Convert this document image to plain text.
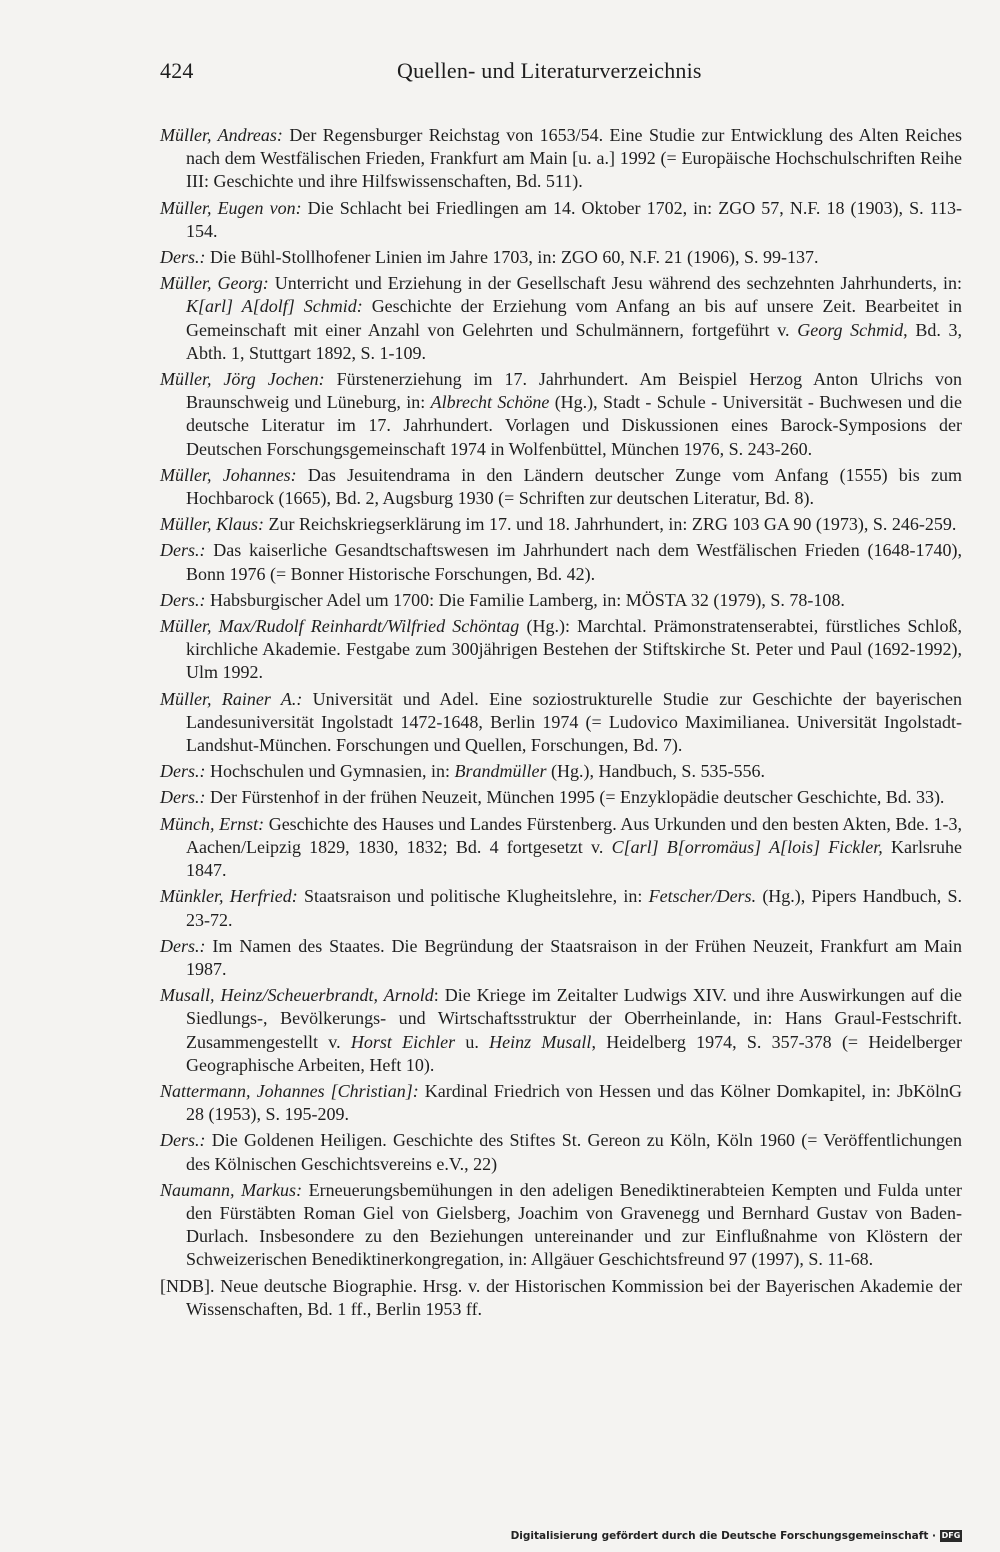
424	Quellen- und Literaturverzeichnis

Müller, Andreas: Der Regensburger Reichstag von 1653/54. Eine Studie zur Entwicklung des Alten Reiches nach dem Westfälischen Frieden, Frankfurt am Main [u. a.] 1992 (= Europäische Hochschulschriften Reihe III: Geschichte und ihre Hilfswissenschaften, Bd. 511).

Müller, Eugen von: Die Schlacht bei Friedlingen am 14. Oktober 1702, in: ZGO 57, N.F. 18 (1903), S. 113-154.

Ders.: Die Bühl-Stollhofener Linien im Jahre 1703, in: ZGO 60, N.F. 21 (1906), S. 99-137.

Müller, Georg: Unterricht und Erziehung in der Gesellschaft Jesu während des sechzehnten Jahrhunderts, in: K[arl] A[dolf] Schmid: Geschichte der Erziehung vom Anfang an bis auf unsere Zeit. Bearbeitet in Gemeinschaft mit einer Anzahl von Gelehrten und Schulmännern, fortgeführt v. Georg Schmid, Bd. 3, Abth. 1, Stuttgart 1892, S. 1-109.

Müller, Jörg Jochen: Fürstenerziehung im 17. Jahrhundert. Am Beispiel Herzog Anton Ulrichs von Braunschweig und Lüneburg, in: Albrecht Schöne (Hg.), Stadt - Schule - Universität - Buchwesen und die deutsche Literatur im 17. Jahrhundert. Vorlagen und Diskussionen eines Barock-Symposions der Deutschen Forschungsgemeinschaft 1974 in Wolfenbüttel, München 1976, S. 243-260.

Müller, Johannes: Das Jesuitendrama in den Ländern deutscher Zunge vom Anfang (1555) bis zum Hochbarock (1665), Bd. 2, Augsburg 1930 (= Schriften zur deutschen Literatur, Bd. 8).

Müller, Klaus: Zur Reichskriegserklärung im 17. und 18. Jahrhundert, in: ZRG 103 GA 90 (1973), S. 246-259.

Ders.: Das kaiserliche Gesandtschaftswesen im Jahrhundert nach dem Westfälischen Frieden (1648-1740), Bonn 1976 (= Bonner Historische Forschungen, Bd. 42).

Ders.: Habsburgischer Adel um 1700: Die Familie Lamberg, in: MÖSTA 32 (1979), S. 78-108.

Müller, Max/Rudolf Reinhardt/Wilfried Schöntag (Hg.): Marchtal. Prämonstratenserabtei, fürstliches Schloß, kirchliche Akademie. Festgabe zum 300jährigen Bestehen der Stiftskirche St. Peter und Paul (1692-1992), Ulm 1992.

Müller, Rainer A.: Universität und Adel. Eine soziostrukturelle Studie zur Geschichte der bayerischen Landesuniversität Ingolstadt 1472-1648, Berlin 1974 (= Ludovico Maximilianea. Universität Ingolstadt-Landshut-München. Forschungen und Quellen, Forschungen, Bd. 7).

Ders.: Hochschulen und Gymnasien, in: Brandmüller (Hg.), Handbuch, S. 535-556.

Ders.: Der Fürstenhof in der frühen Neuzeit, München 1995 (= Enzyklopädie deutscher Geschichte, Bd. 33).

Münch, Ernst: Geschichte des Hauses und Landes Fürstenberg. Aus Urkunden und den besten Akten, Bde. 1-3, Aachen/Leipzig 1829, 1830, 1832; Bd. 4 fortgesetzt v. C[arl] B[orromäus] A[lois] Fickler, Karlsruhe 1847.

Münkler, Herfried: Staatsraison und politische Klugheitslehre, in: Fetscher/Ders. (Hg.), Pipers Handbuch, S. 23-72.

Ders.: Im Namen des Staates. Die Begründung der Staatsraison in der Frühen Neuzeit, Frankfurt am Main 1987.

Musall, Heinz/Scheuerbrandt, Arnold: Die Kriege im Zeitalter Ludwigs XIV. und ihre Auswirkungen auf die Siedlungs-, Bevölkerungs- und Wirtschaftsstruktur der Oberrheinlande, in: Hans Graul-Festschrift. Zusammengestellt v. Horst Eichler u. Heinz Musall, Heidelberg 1974, S. 357-378 (= Heidelberger Geographische Arbeiten, Heft 10).

Nattermann, Johannes [Christian]: Kardinal Friedrich von Hessen und das Kölner Domkapitel, in: JbKölnG 28 (1953), S. 195-209.

Ders.: Die Goldenen Heiligen. Geschichte des Stiftes St. Gereon zu Köln, Köln 1960 (= Veröffentlichungen des Kölnischen Geschichtsvereins e.V., 22)

Naumann, Markus: Erneuerungsbemühungen in den adeligen Benediktinerabteien Kempten und Fulda unter den Fürstäbten Roman Giel von Gielsberg, Joachim von Gravenegg und Bernhard Gustav von Baden-Durlach. Insbesondere zu den Beziehungen untereinander und zur Einflußnahme von Klöstern der Schweizerischen Benediktinerkongregation, in: Allgäuer Geschichtsfreund 97 (1997), S. 11-68.

[NDB]. Neue deutsche Biographie. Hrsg. v. der Historischen Kommission bei der Bayerischen Akademie der Wissenschaften, Bd. 1 ff., Berlin 1953 ff.

Digitalisierung gefördert durch die Deutsche Forschungsgemeinschaft · DFG
